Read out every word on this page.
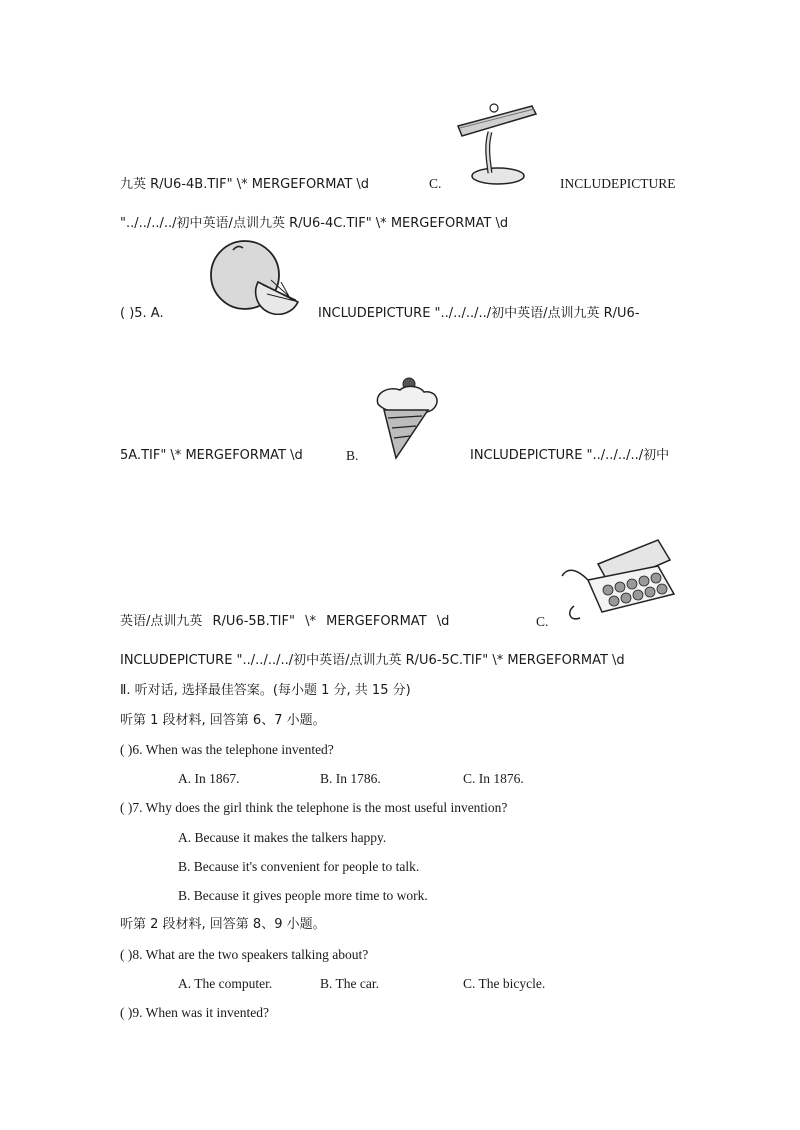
九英 R/U6-4B.TIF" \* MERGEFORMAT \d	C.	INCLUDEPICTURE
"../../../../初中英语/点训九英 R/U6-4C.TIF" \* MERGEFORMAT \d
( )5. A.	INCLUDEPICTURE "../../../../初中英语/点训九英 R/U6-
5A.TIF" \* MERGEFORMAT \d	B.	INCLUDEPICTURE "../../../../初中
英语/点训九英 R/U6-5B.TIF" \* MERGEFORMAT \d	C.
INCLUDEPICTURE "../../../../初中英语/点训九英 R/U6-5C.TIF" \* MERGEFORMAT \d
Ⅱ. 听对话, 选择最佳答案。(每小题 1 分, 共 15 分)
听第 1 段材料, 回答第 6、7 小题。
( )6. When was the telephone invented?
A. In 1867.	B. In 1786.	C. In 1876.
( )7. Why does the girl think the telephone is the most useful invention?
A. Because it makes the talkers happy.
B. Because it's convenient for people to talk.
B. Because it gives people more time to work.
听第 2 段材料, 回答第 8、9 小题。
( )8. What are the two speakers talking about?
A. The computer.	B. The car.	C. The bicycle.
( )9. When was it invented?
